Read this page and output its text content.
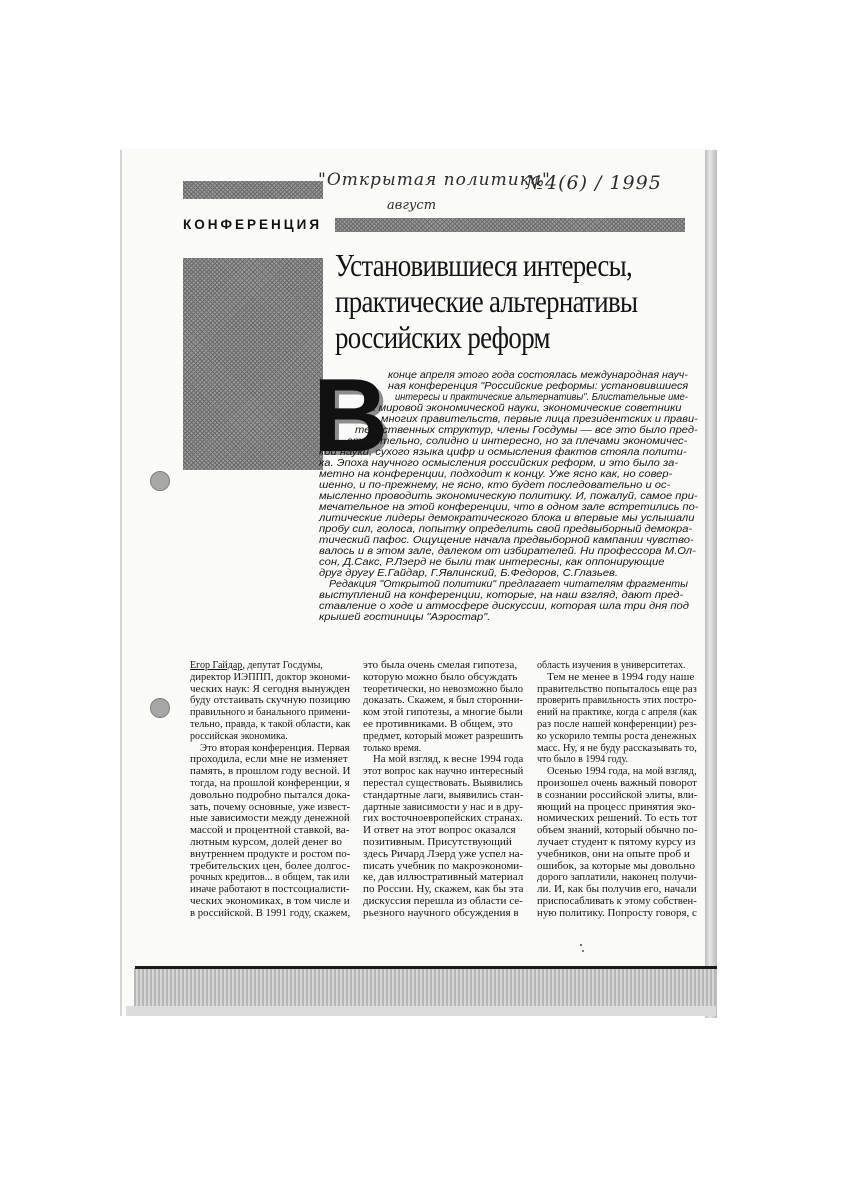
"Открытая политика"
№4(6) / 1995
август
КОНФЕРЕНЦИЯ
Установившиеся интересы,
практические альтернативы
российских реформ
В конце апреля этого года состоялась международная науч-
ная конференция "Российские реформы: установившиеся
интересы и практические альтернативы". Блистательные име-
на мировой экономической науки, экономические советники
многих правительств, первые лица президентских и прави-
тельственных структур, члены Госдумы — все это было пред-
ставительно, солидно и интересно, но за плечами экономичес-
кой науки, сухого языка цифр и осмысления фактов стояла полити-
ка. Эпоха научного осмысления российских реформ, и это было за-
метно на конференции, подходит к концу. Уже ясно как, но совер-
шенно, и по-прежнему, не ясно, кто будет последовательно и ос-
мысленно проводить экономическую политику. И, пожалуй, самое при-
мечательное на этой конференции, что в одном зале встретились по-
литические лидеры демократического блока и впервые мы услышали
пробу сил, голоса, попытку определить свой предвыборный демокра-
тический пафос. Ощущение начала предвыборной кампании чувство-
валось и в этом зале, далеком от избирателей. Ни профессора М.Ол-
сон, Д.Сакс, Р.Лэерд не были так интересны, как оппонирующие
друг другу Е.Гайдар, Г.Явлинский, Б.Федоров, С.Глазьев.
Редакция "Открытой политики" предлагает читателям фрагменты
выступлений на конференции, которые, на наш взгляд, дают пред-
ставление о ходе и атмосфере дискуссии, которая шла три дня под
крышей гостиницы "Аэростар".
Егор Гайдар, депутат Госдумы,
директор ИЭППП, доктор экономи-
ческих наук: Я сегодня вынужден
буду отстаивать скучную позицию
правильного и банального примени-
тельно, правда, к такой области, как
российская экономика.
Это вторая конференция. Первая
проходила, если мне не изменяет
память, в прошлом году весной. И
тогда, на прошлой конференции, я
довольно подробно пытался дока-
зать, почему основные, уже извест-
ные зависимости между денежной
массой и процентной ставкой, ва-
лютным курсом, долей денег во
внутреннем продукте и ростом по-
требительских цен, более долгос-
рочных кредитов... в общем, так или
иначе работают в постсоциалисти-
ческих экономиках, в том числе и
в российской. В 1991 году, скажем,
это была очень смелая гипотеза,
которую можно было обсуждать
теоретически, но невозможно было
доказать. Скажем, я был сторонни-
ком этой гипотезы, а многие были
ее противниками. В общем, это
предмет, который может разрешить
только время.
На мой взгляд, к весне 1994 года
этот вопрос как научно интересный
перестал существовать. Выявились
стандартные лаги, выявились стан-
дартные зависимости у нас и в дру-
гих восточноевропейских странах.
И ответ на этот вопрос оказался
позитивным. Присутствующий
здесь Ричард Лэерд уже успел на-
писать учебник по макроэкономи-
ке, дав иллюстративный материал
по России. Ну, скажем, как бы эта
дискуссия перешла из области се-
рьезного научного обсуждения в
область изучения в университетах.
Тем не менее в 1994 году наше
правительство попыталось еще раз
проверить правильность этих постро-
ений на практике, когда с апреля (как
раз после нашей конференции) рез-
ко ускорило темпы роста денежных
масс. Ну, я не буду рассказывать то,
что было в 1994 году.
Осенью 1994 года, на мой взгляд,
произошел очень важный поворот
в сознании российской элиты, вли-
яющий на процесс принятия эко-
номических решений. То есть тот
объем знаний, который обычно по-
лучает студент к пятому курсу из
учебников, они на опыте проб и
ошибок, за которые мы довольно
дорого заплатили, наконец получи-
ли. И, как бы получив его, начали
приспосабливать к этому собствен-
ную политику. Попросту говоря, с
